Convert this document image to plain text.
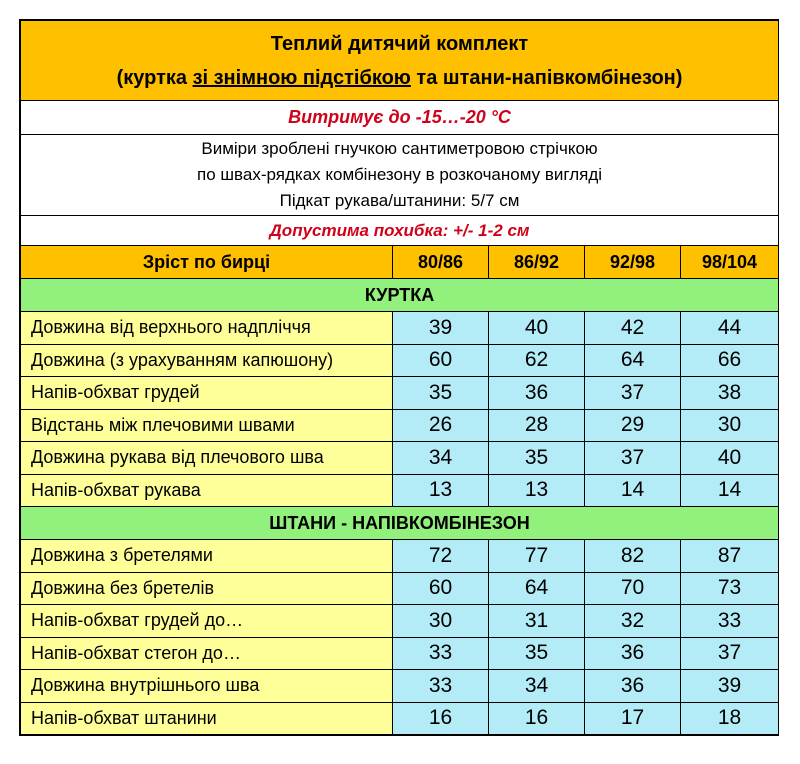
Теплий дитячий комплект
(куртка зі знімною підстібкою та штани-напівкомбінезон)				

Витримує до -15…-20 °C				

Виміри зроблені гнучкою сантиметровою стрічкою
по швах-рядках комбінезону в розкочаному вигляді
Підкат рукава/штанини: 5/7 см				

Допустима похибка: +/- 1-2 см				
Зріст по бирці	80/86	86/92	92/98	98/104
КУРТКА				
Довжина від верхнього надпліччя	39	40	42	44
Довжина (з урахуванням капюшону)	60	62	64	66
Напів-обхват грудей	35	36	37	38
Відстань між плечовими швами	26	28	29	30
Довжина рукава від плечового шва	34	35	37	40
Напів-обхват рукава	13	13	14	14
ШТАНИ - НАПІВКОМБІНЕЗОН				
Довжина з бретелями	72	77	82	87
Довжина без бретелів	60	64	70	73
Напів-обхват грудей до…	30	31	32	33
Напів-обхват стегон до…	33	35	36	37
Довжина внутрішнього шва	33	34	36	39
Напів-обхват штанини	16	16	17	18
